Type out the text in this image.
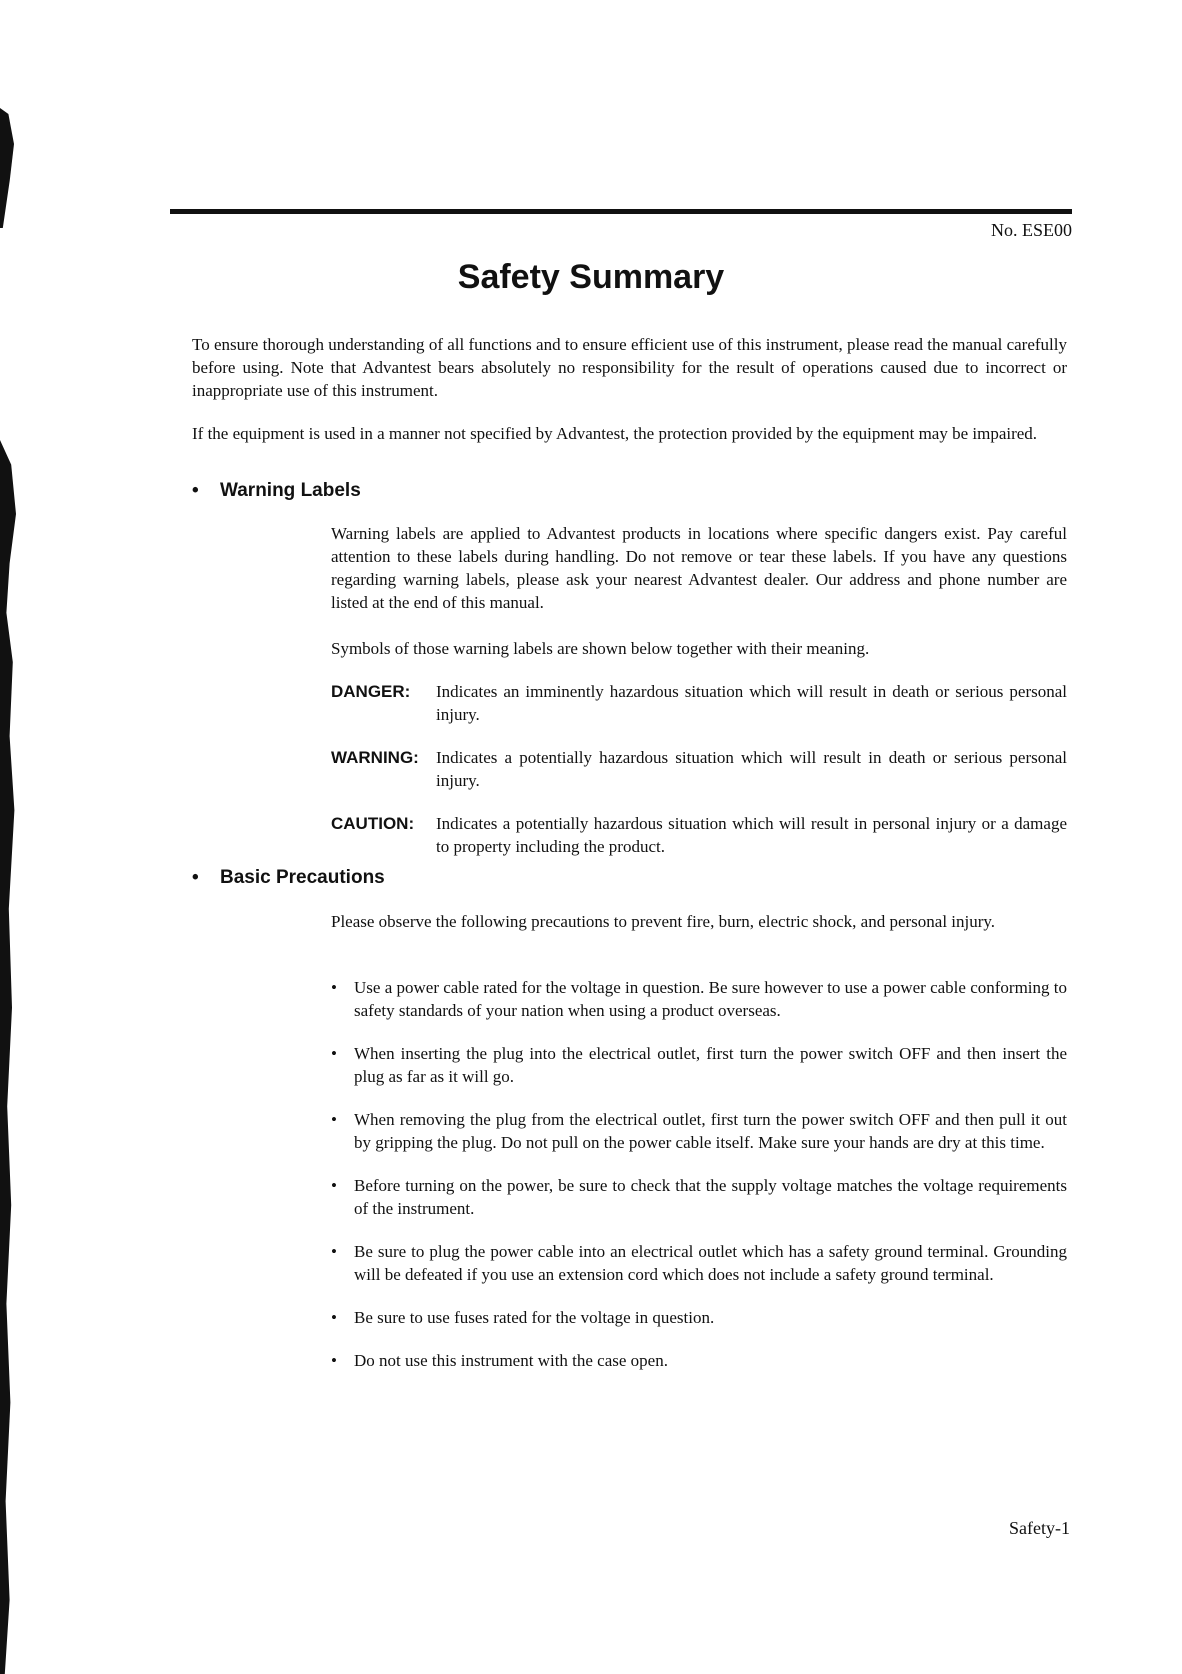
No. ESE00
Safety Summary
To ensure thorough understanding of all functions and to ensure efficient use of this instrument, please read the manual carefully before using. Note that Advantest bears absolutely no responsibility for the result of operations caused due to incorrect or inappropriate use of this instrument.
If the equipment is used in a manner not specified by Advantest, the protection provided by the equipment may be impaired.
• Warning Labels
Warning labels are applied to Advantest products in locations where specific dangers exist. Pay careful attention to these labels during handling. Do not remove or tear these labels. If you have any questions regarding warning labels, please ask your nearest Advantest dealer. Our address and phone number are listed at the end of this manual.
Symbols of those warning labels are shown below together with their meaning.
DANGER: Indicates an imminently hazardous situation which will result in death or serious personal injury.
WARNING: Indicates a potentially hazardous situation which will result in death or serious personal injury.
CAUTION: Indicates a potentially hazardous situation which will result in personal injury or a damage to property including the product.
• Basic Precautions
Please observe the following precautions to prevent fire, burn, electric shock, and personal injury.
• Use a power cable rated for the voltage in question. Be sure however to use a power cable conforming to safety standards of your nation when using a product overseas.
• When inserting the plug into the electrical outlet, first turn the power switch OFF and then insert the plug as far as it will go.
• When removing the plug from the electrical outlet, first turn the power switch OFF and then pull it out by gripping the plug. Do not pull on the power cable itself. Make sure your hands are dry at this time.
• Before turning on the power, be sure to check that the supply voltage matches the voltage requirements of the instrument.
• Be sure to plug the power cable into an electrical outlet which has a safety ground terminal. Grounding will be defeated if you use an extension cord which does not include a safety ground terminal.
• Be sure to use fuses rated for the voltage in question.
• Do not use this instrument with the case open.
Safety-1
